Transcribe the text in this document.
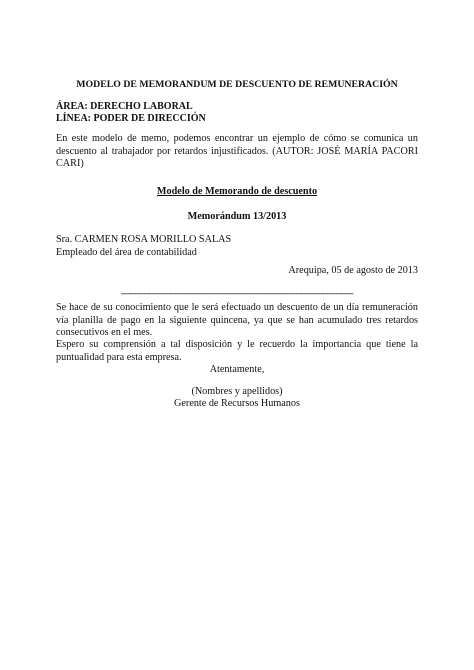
MODELO DE MEMORANDUM DE DESCUENTO DE REMUNERACIÓN
ÁREA: DERECHO LABORAL
LÍNEA: PODER DE DIRECCIÓN
En este modelo de memo, podemos encontrar un ejemplo de cómo se comunica un descuento al trabajador por retardos injustificados. (AUTOR: JOSÉ MARÍA PACORI CARI)
Modelo de Memorando de descuento
Memorándum 13/2013
Sra. CARMEN ROSA MORILLO SALAS
Empleado del área de contabilidad
Arequipa, 05 de agosto de 2013
---------------------------------------------------------------------------------------------
Se hace de su conocimiento que le será efectuado un descuento de un día remuneración vía planilla de pago en la siguiente quincena, ya que se han acumulado tres retardos consecutivos en el mes.
Espero su comprensión a tal disposición y le recuerdo la importancia que tiene la puntualidad para esta empresa.
Atentamente,
(Nombres y apellidos)
Gerente de Recursos Humanos
